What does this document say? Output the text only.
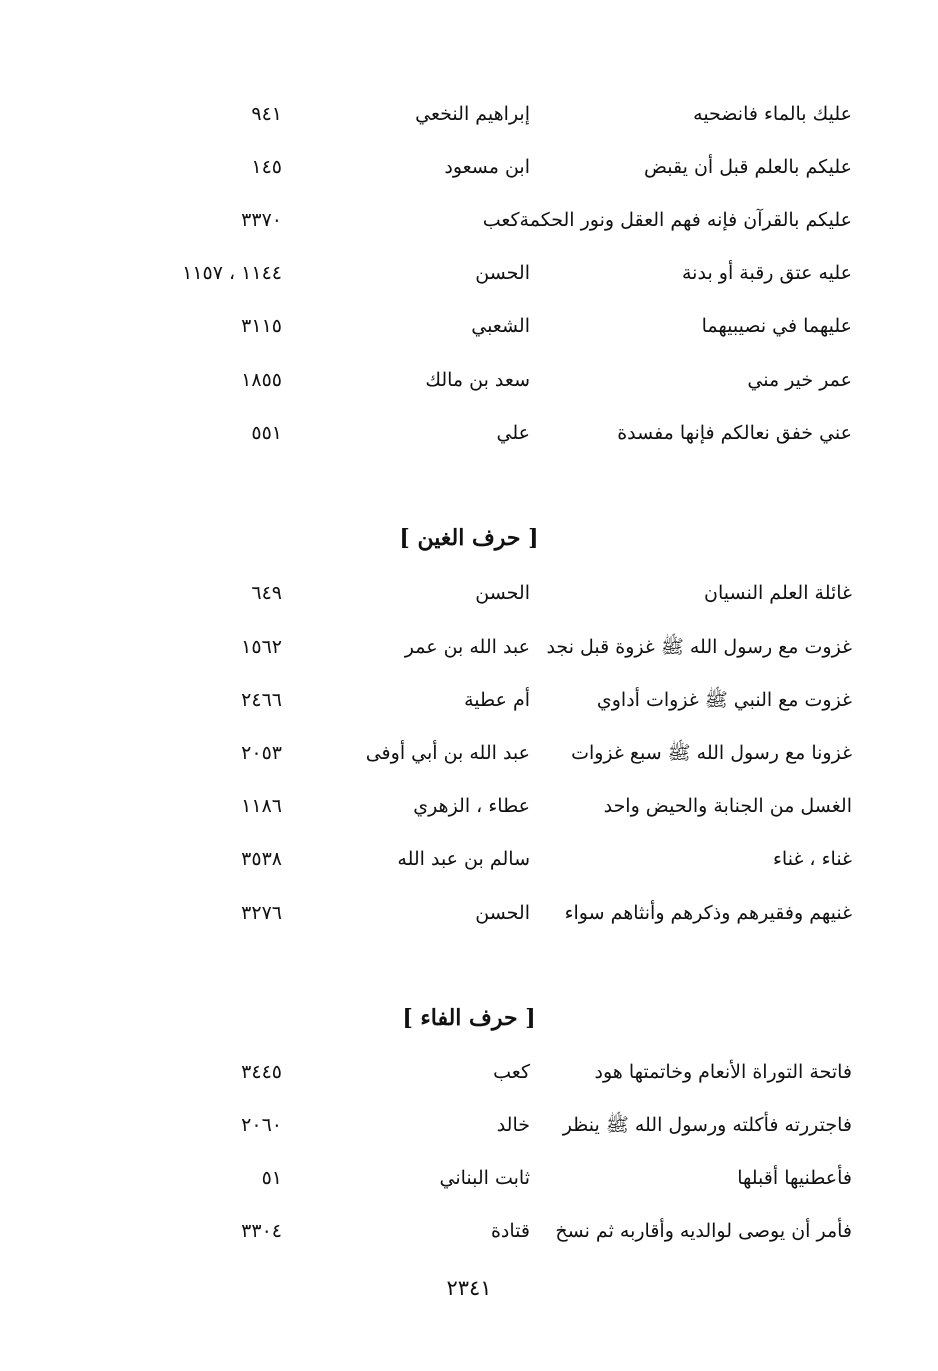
عليك بالماء فانضحيه
إبراهيم النخعي
٩٤١
عليكم بالعلم قبل أن يقبض
ابن مسعود
١٤٥
عليكم بالقرآن فإنه فهم العقل ونور الحكمةكعب
٣٣٧٠
عليه عتق رقبة أو بدنة
الحسن
١١٤٤ ، ١١٥٧
عليهما في نصيبيهما
الشعبي
٣١١٥
عمر خير مني
سعد بن مالك
١٨٥٥
عني خفق نعالكم فإنها مفسدة
علي
٥٥١
[ حرف الغين ]
غائلة العلم النسيان
الحسن
٦٤٩
غزوت مع رسول الله ﷺ غزوة قبل نجد
عبد الله بن عمر
١٥٦٢
غزوت مع النبي ﷺ غزوات أداوي
أم عطية
٢٤٦٦
غزونا مع رسول الله ﷺ سبع غزوات
عبد الله بن أبي أوفى
٢٠٥٣
الغسل من الجنابة والحيض واحد
عطاء ، الزهري
١١٨٦
غناء ، غناء
سالم بن عبد الله
٣٥٣٨
غنيهم وفقيرهم وذكرهم وأنثاهم سواء
الحسن
٣٢٧٦
[ حرف الفاء ]
فاتحة التوراة الأنعام وخاتمتها هود
كعب
٣٤٤٥
فاجتررته فأكلته ورسول الله ﷺ ينظر
خالد
٢٠٦٠
فأعطنيها أقبلها
ثابت البناني
٥١
فأمر أن يوصى لوالديه وأقاربه ثم نسخ
قتادة
٣٣٠٤
٢٣٤١
